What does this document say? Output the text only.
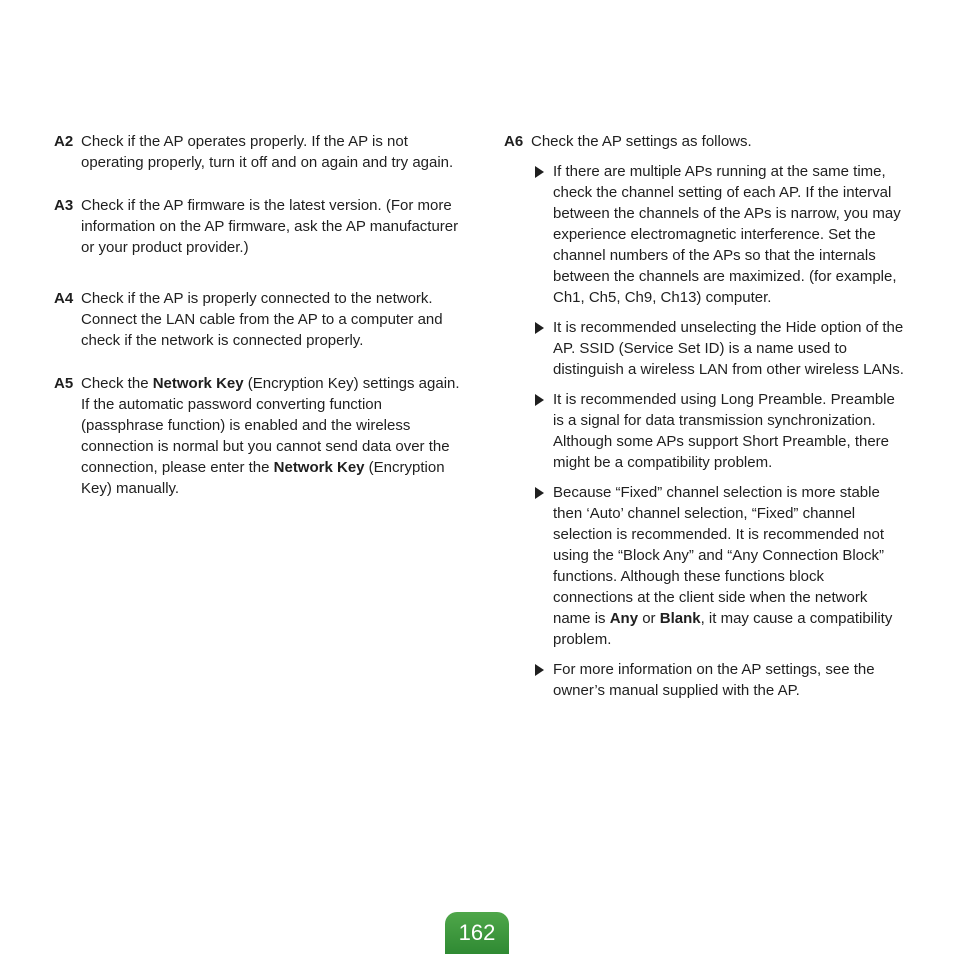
A2 Check if the AP operates properly. If the AP is not operating properly, turn it off and on again and try again.
A3 Check if the AP firmware is the latest version. (For more information on the AP firmware, ask the AP manufacturer or your product provider.)
A4 Check if the AP is properly connected to the network. Connect the LAN cable from the AP to a computer and check if the network is connected properly.
A5 Check the Network Key (Encryption Key) settings again. If the automatic password converting function (passphrase function) is enabled and the wireless connection is normal but you cannot send data over the connection, please enter the Network Key (Encryption Key) manually.
A6 Check the AP settings as follows.
If there are multiple APs running at the same time, check the channel setting of each AP. If the interval between the channels of the APs is narrow, you may experience electromagnetic interference. Set the channel numbers of the APs so that the internals between the channels are maximized. (for example, Ch1, Ch5, Ch9, Ch13) computer.
It is recommended unselecting the Hide option of the AP. SSID (Service Set ID) is a name used to distinguish a wireless LAN from other wireless LANs.
It is recommended using Long Preamble. Preamble is a signal for data transmission synchronization. Although some APs support Short Preamble, there might be a compatibility problem.
Because “Fixed” channel selection is more stable then ‘Auto’ channel selection, “Fixed” channel selection is recommended. It is recommended not using the “Block Any” and “Any Connection Block” functions. Although these functions block connections at the client side when the network name is Any or Blank, it may cause a compatibility problem.
For more information on the AP settings, see the owner’s manual supplied with the AP.
162
